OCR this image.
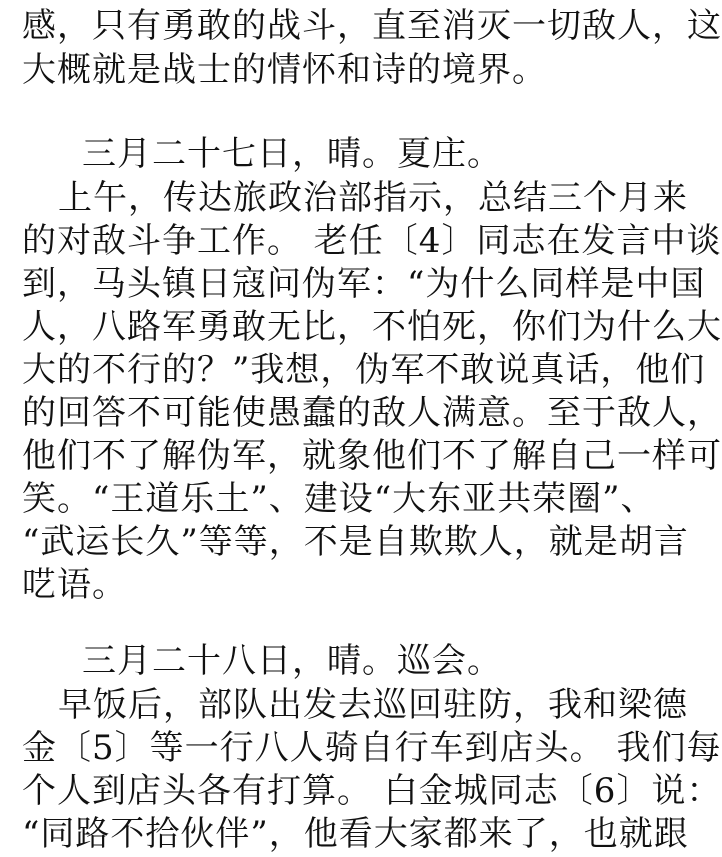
感，只有勇敢的战斗，直至消灭一切敌人，这
大概就是战士的情怀和诗的境界。
三月二十七日，晴。夏庄。
上午，传达旅政治部指示，总结三个月来
的对敌斗争工作。 老任〔4〕同志在发言中谈
到，马头镇日寇问伪军：“为什么同样是中国
人，八路军勇敢无比，不怕死，你们为什么大
大的不行的？”我想，伪军不敢说真话，他们
的回答不可能使愚蠢的敌人满意。至于敌人，
他们不了解伪军，就象他们不了解自己一样可
笑。“王道乐土”、建设“大东亚共荣圈”、
“武运长久”等等，不是自欺欺人，就是胡言
呓语。
三月二十八日，晴。巡会。
早饭后，部队出发去巡回驻防，我和梁德
金〔5〕等一行八人骑自行车到店头。 我们每
个人到店头各有打算。 白金城同志〔6〕说：
“同路不拾伙伴”，他看大家都来了，也就跟
